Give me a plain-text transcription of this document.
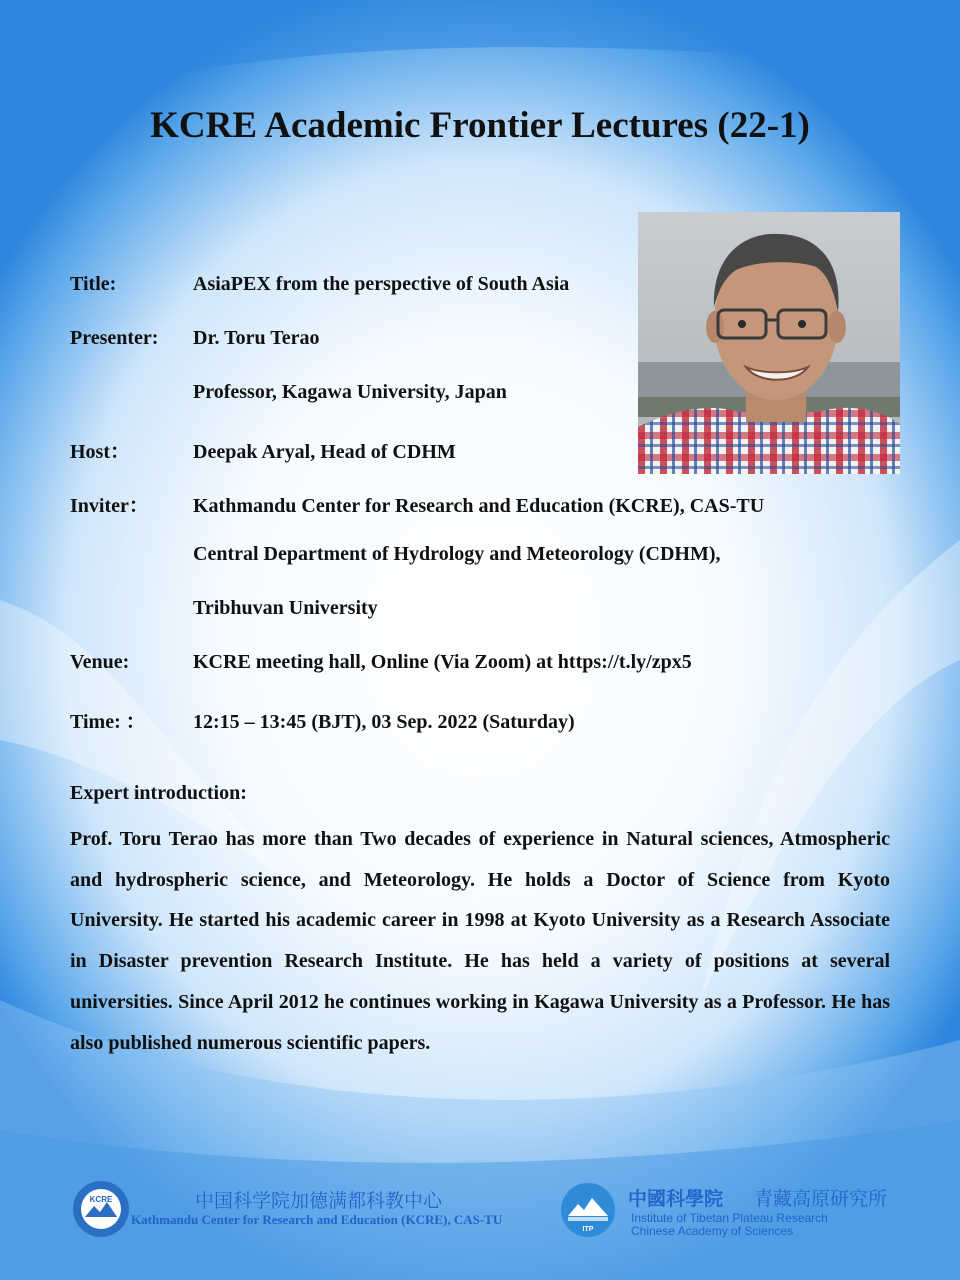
KCRE Academic Frontier Lectures (22-1)
Title:	AsiaPEX from the perspective of South Asia
Presenter: Dr. Toru Terao
Professor, Kagawa University, Japan
Host：	Deepak Aryal, Head of CDHM
Inviter： Kathmandu Center for Research and Education (KCRE), CAS-TU
Central Department of Hydrology and Meteorology (CDHM),
Tribhuvan University
Venue:	KCRE meeting hall, Online (Via Zoom) at https://t.ly/zpx5
Time: ： 12:15 – 13:45 (BJT), 03 Sep. 2022 (Saturday)
Expert introduction:

Prof. Toru Terao has more than Two decades of experience in Natural sciences, Atmospheric and hydrospheric science, and Meteorology. He holds a Doctor of Science from Kyoto University. He started his academic career in 1998 at Kyoto University as a Research Associate in Disaster prevention Research Institute. He has held a variety of positions at several universities. Since April 2012 he continues working in Kagawa University as a Professor. He has also published numerous scientific papers.

KCRE	中国科学院加德满都科教中心
Kathmandu Center for Research and Education (KCRE), CAS-TU
ITP
中國科學院 青藏高原研究所
Institute of Tibetan Plateau Research
Chinese Academy of Sciences
